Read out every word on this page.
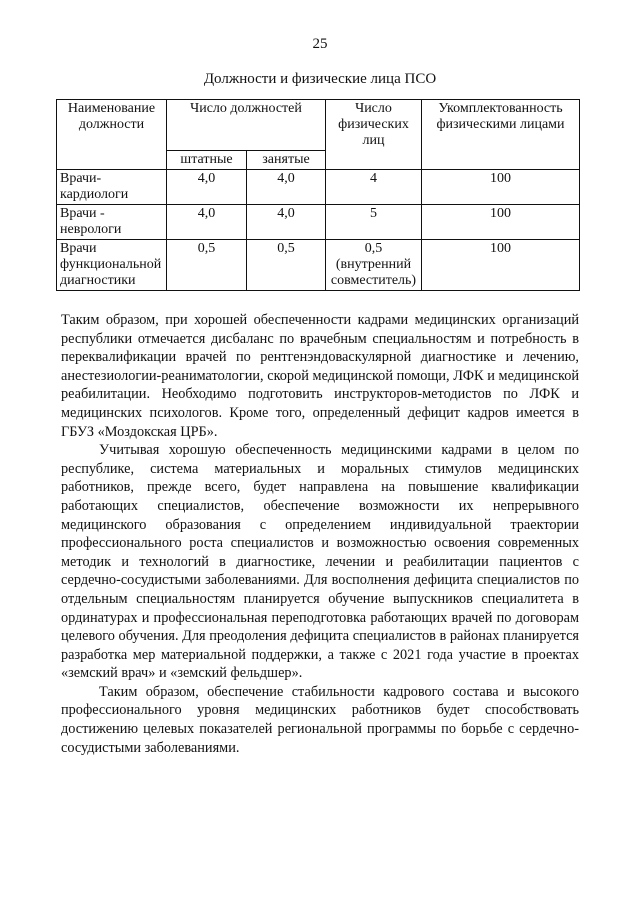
25
Должности и физические лица ПСО
Наименование должности	Число должностей		Число физических лиц	Укомплектованность физическими лицами
	штатные	занятые		
Врачи-кардиологи	4,0	4,0	4	100
Врачи - неврологи	4,0	4,0	5	100
Врачи функциональной диагностики	0,5	0,5	0,5 (внутренний совместитель)	100

Таким образом, при хорошей обеспеченности кадрами медицинских организаций республики отмечается дисбаланс по врачебным специальностям и потребность в переквалификации врачей по рентгенэндоваскулярной диагностике и лечению, анестезиологии-реаниматологии, скорой медицинской помощи, ЛФК и медицинской реабилитации. Необходимо подготовить инструкторов-методистов по ЛФК и медицинских психологов. Кроме того, определенный дефицит кадров имеется в ГБУЗ «Моздокская ЦРБ».

Учитывая хорошую обеспеченность медицинскими кадрами в целом по республике, система материальных и моральных стимулов медицинских работников, прежде всего, будет направлена на повышение квалификации работающих специалистов, обеспечение возможности их непрерывного медицинского образования с определением индивидуальной траектории профессионального роста специалистов и возможностью освоения современных методик и технологий в диагностике, лечении и реабилитации пациентов с сердечно-сосудистыми заболеваниями. Для восполнения дефицита специалистов по отдельным специальностям планируется обучение выпускников специалитета в ординатурах и профессиональная переподготовка работающих врачей по договорам целевого обучения. Для преодоления дефицита специалистов в районах планируется разработка мер материальной поддержки, а также с 2021 года участие в проектах «земский врач» и «земский фельдшер».

Таким образом, обеспечение стабильности кадрового состава и высокого профессионального уровня медицинских работников будет способствовать достижению целевых показателей региональной программы по борьбе с сердечно-сосудистыми заболеваниями.
